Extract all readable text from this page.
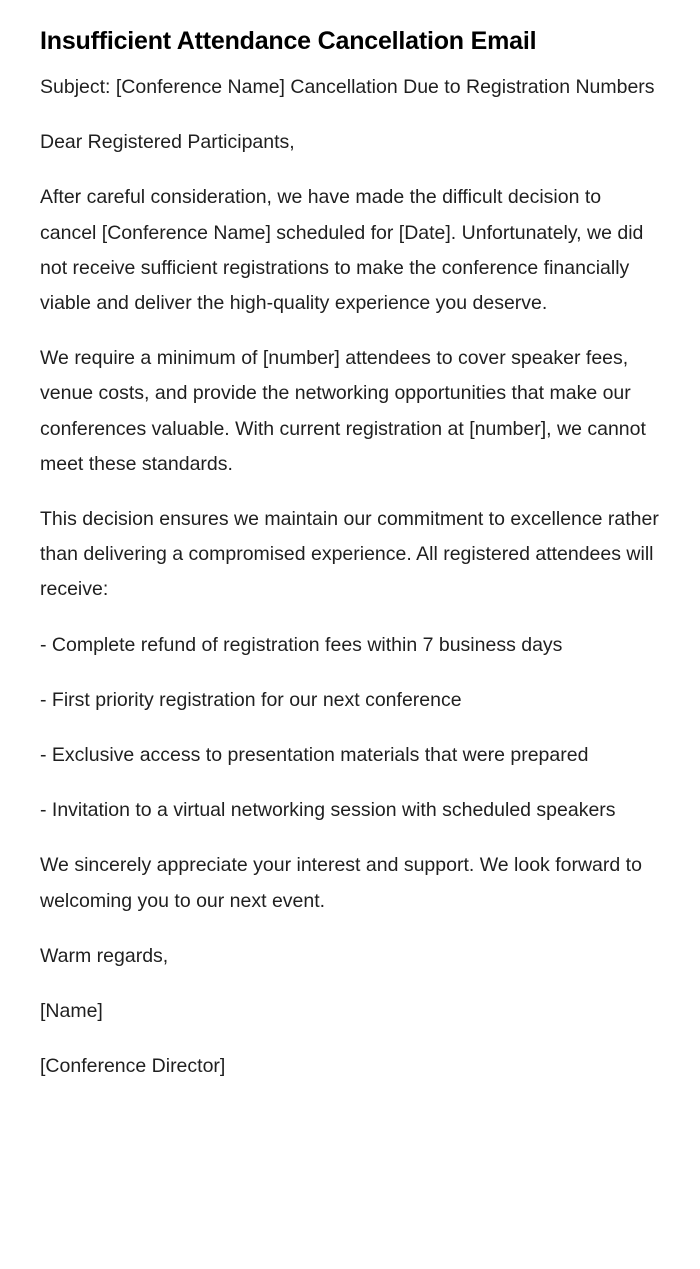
Insufficient Attendance Cancellation Email

Subject: [Conference Name] Cancellation Due to Registration Numbers

Dear Registered Participants,

After careful consideration, we have made the difficult decision to cancel [Conference Name] scheduled for [Date]. Unfortunately, we did not receive sufficient registrations to make the conference financially viable and deliver the high-quality experience you deserve.

We require a minimum of [number] attendees to cover speaker fees, venue costs, and provide the networking opportunities that make our conferences valuable. With current registration at [number], we cannot meet these standards.

This decision ensures we maintain our commitment to excellence rather than delivering a compromised experience. All registered attendees will receive:

- Complete refund of registration fees within 7 business days

- First priority registration for our next conference

- Exclusive access to presentation materials that were prepared

- Invitation to a virtual networking session with scheduled speakers

We sincerely appreciate your interest and support. We look forward to welcoming you to our next event.

Warm regards,

[Name]

[Conference Director]
